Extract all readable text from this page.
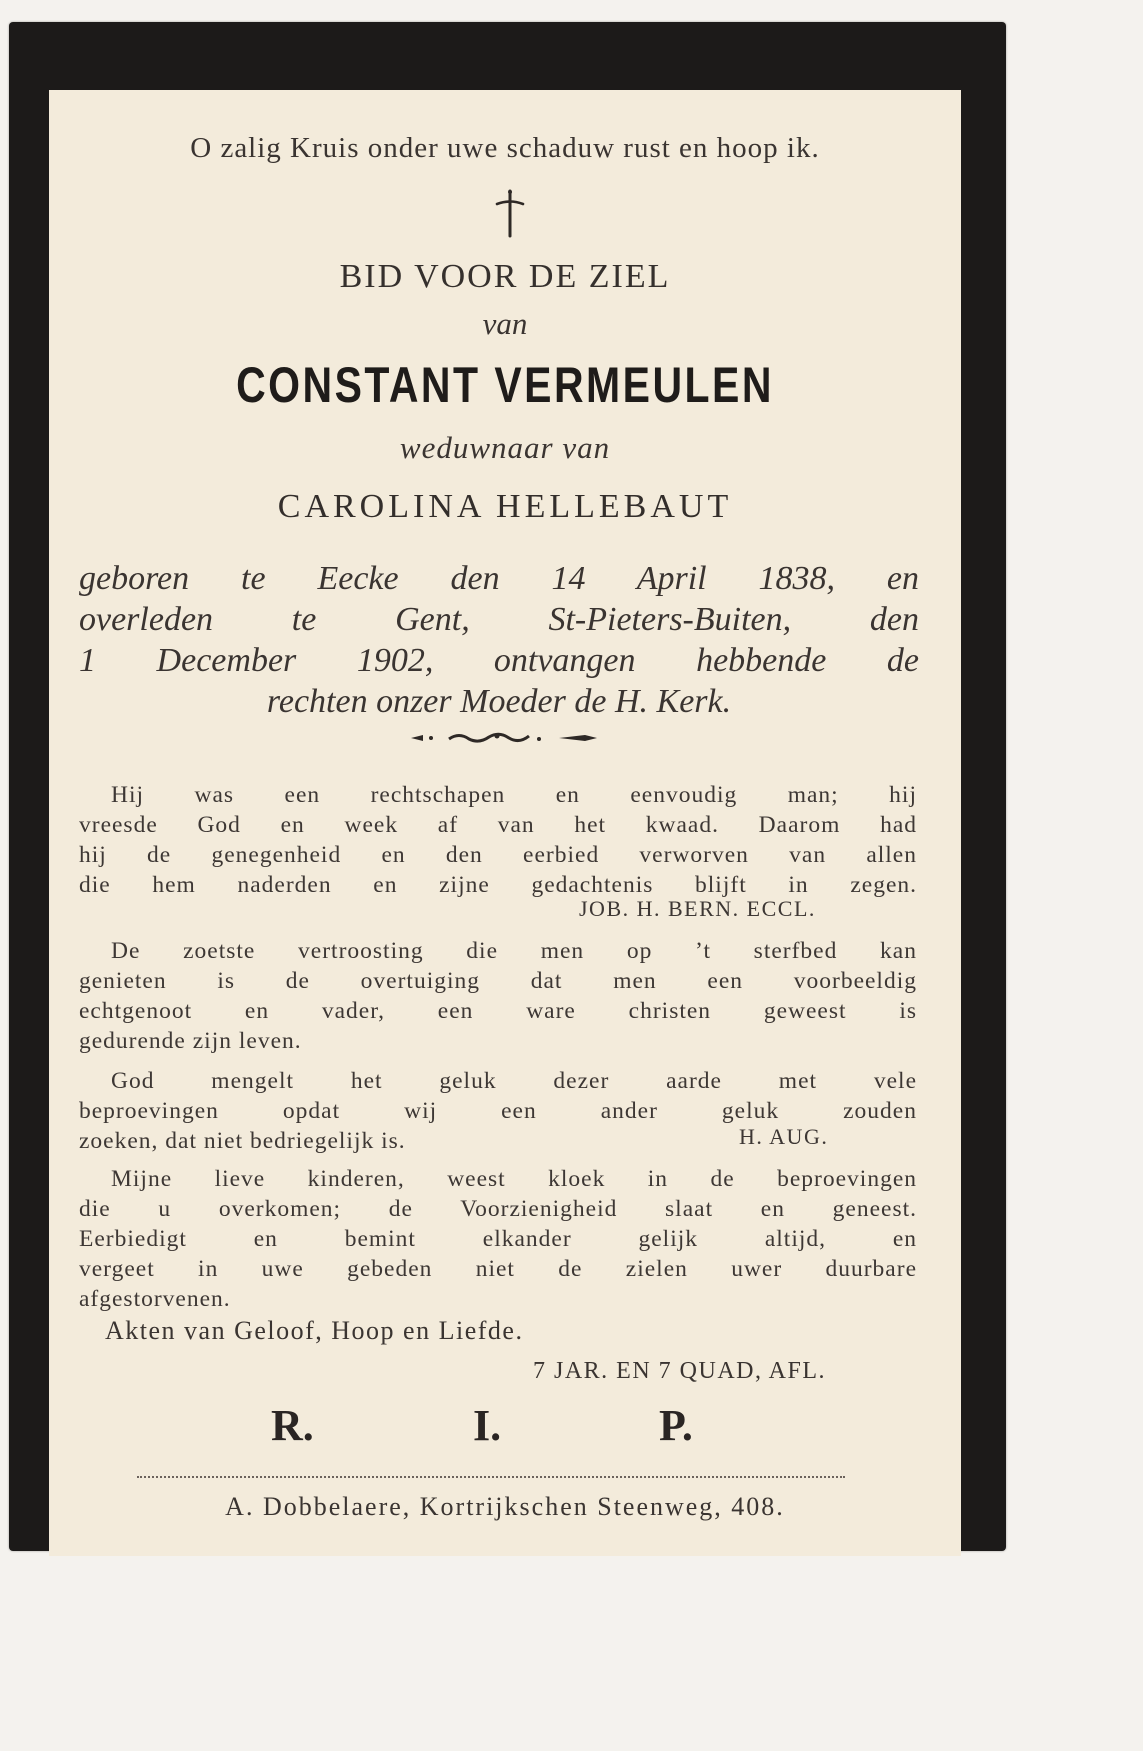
O zalig Kruis onder uwe schaduw rust en hoop ik.
BID VOOR DE ZIEL
van
CONSTANT VERMEULEN
weduwnaar van
CAROLINA HELLEBAUT
geboren te Eecke den 14 April 1838, en
overleden te Gent, St-Pieters-Buiten, den
1 December 1902, ontvangen hebbende de
rechten onzer Moeder de H. Kerk.
Hij was een rechtschapen en eenvoudig man; hij
vreesde God en week af van het kwaad. Daarom had
hij de genegenheid en den eerbied verworven van allen
die hem naderden en zijne gedachtenis blijft in zegen.
JOB. H. BERN. ECCL.
De zoetste vertroosting die men op ’t sterfbed kan
genieten is de overtuiging dat men een voorbeeldig
echtgenoot en vader, een ware christen geweest is
gedurende zijn leven.
God mengelt het geluk dezer aarde met vele
beproevingen opdat wij een ander geluk zouden
zoeken, dat niet bedriegelijk is.	H. AUG.
Mijne lieve kinderen, weest kloek in de beproevingen
die u overkomen; de Voorzienigheid slaat en geneest.
Eerbiedigt en bemint elkander gelijk altijd, en
vergeet in uwe gebeden niet de zielen uwer duurbare
afgestorvenen.
Akten van Geloof, Hoop en Liefde.
7 JAR. EN 7 QUAD, AFL.
R.	I.	P.
A. Dobbelaere, Kortrijkschen Steenweg, 408.
